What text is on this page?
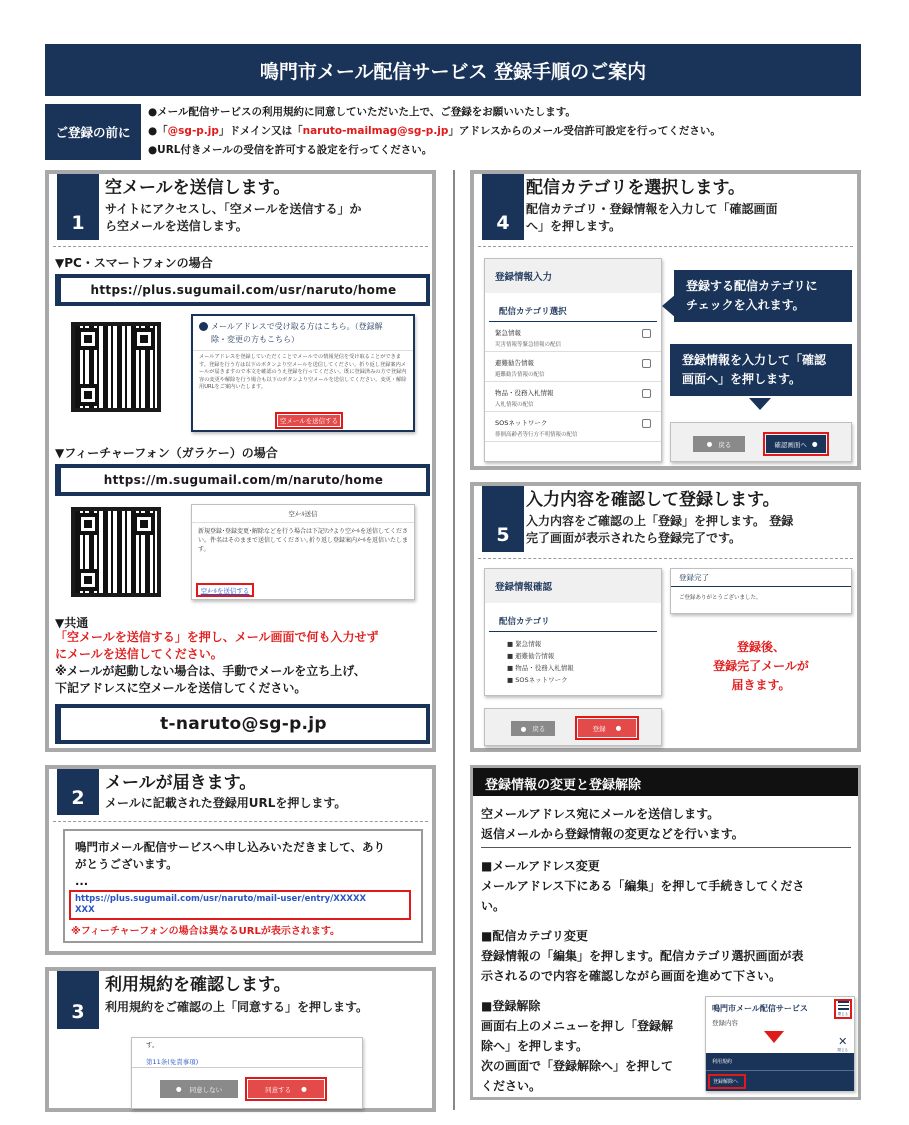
鳴門市メール配信サービス 登録手順のご案内
ご登録の前に
●メール配信サービスの利用規約に同意していただいた上で、ご登録をお願いいたします。
●「@sg-p.jp」ドメイン又は「naruto-mailmag@sg-p.jp」アドレスからのメール受信許可設定を行ってください。
●URL付きメールの受信を許可する設定を行ってください。
1
空メールを送信します。
サイトにアクセスし、「空メールを送信する」か
ら空メールを送信します。
▼PC・スマートフォンの場合
https://plus.sugumail.com/usr/naruto/home
メールアドレスで受け取る方はこちら。（登録解
除・変更の方もこちら）
メールアドレスを登録していただくことでメールでの情報発信を受け取ることができます。登録を行う方は以下のボタンより空メールを送信してください。折り返し登録案内メールが届きますので本文を確認のうえ登録を行ってください。既に登録済みの方で登録内容の変更や解除を行う場合も以下のボタンより空メールを送信してください。変更・解除用URLをご案内いたします。
空メールを送信する
▼フィーチャーフォン（ガラケー）の場合
https://m.sugumail.com/m/naruto/home
空ﾒｰﾙ送信
新規登録･登録変更･解除などを行う場合は下記ﾘﾝｸより空ﾒｰﾙを送信してください。件名はそのままで送信してください｡折り返し登録案内ﾒｰﾙを返信いたします。
空ﾒｰﾙを送信する
▼共通
「空メールを送信する」を押し、メール画面で何も入力せず
にメールを送信してください。
※メールが起動しない場合は、手動でメールを立ち上げ、
下記アドレスに空メールを送信してください。
t-naruto@sg-p.jp
2
メールが届きます。
メールに記載された登録用URLを押します。
鳴門市メール配信サービスへ申し込みいただきまして、あり
がとうございます。
...
https://plus.sugumail.com/usr/naruto/mail-user/entry/XXXXX
XXX
※フィーチャーフォンの場合は異なるURLが表示されます。
3
利用規約を確認します。
利用規約をご確認の上「同意する」を押します。
す。
第11条(免責事項)
● 同意しない	同意する ●
4
配信カテゴリを選択します。
配信カテゴリ・登録情報を入力して「確認画面
へ」を押します。
登録情報入力
配信カテゴリ選択
緊急情報
災害情報等緊急情報の配信
避難勧告情報
避難勧告情報の配信
物品・役務入札情報
入札情報の配信
SOSネットワーク
徘徊高齢者等行方不明情報の配信
登録する配信カテゴリに
チェックを入れます。
登録情報を入力して「確認
画面へ」を押します。
● 戻る	確認画面へ ●
5
入力内容を確認して登録します。
入力内容をご確認の上「登録」を押します。 登録
完了画面が表示されたら登録完了です。
登録情報確認
配信カテゴリ
■ 緊急情報
■ 避難勧告情報
■ 物品・役務入札情報
■ SOSネットワーク
登録完了
ご登録ありがとうございました。
登録後、
登録完了メールが
届きます。
● 戻る	登録 ●
登録情報の変更と登録解除
空メールアドレス宛にメールを送信します。
返信メールから登録情報の変更などを行います。
■メールアドレス変更
メールアドレス下にある「編集」を押して手続きしてくださ
い。
■配信カテゴリ変更
登録情報の「編集」を押します。配信カテゴリ選択画面が表
示されるので内容を確認しながら画面を進めて下さい。
■登録解除
画面右上のメニューを押し「登録解
除へ」を押します。
次の画面で「登録解除へ」を押して
ください。
鳴門市メール配信サービス
閉じる
登録内容
✕
閉じる
利用規約
登録解除へ
